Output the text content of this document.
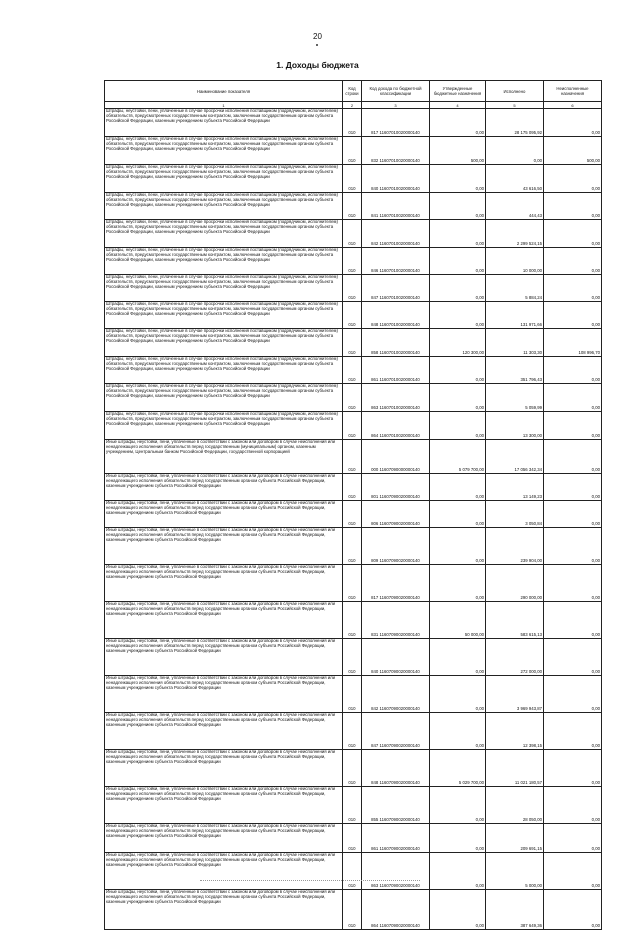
20
1. Доходы бюджета
Наименование показателя	Код строки	Код дохода по бюджетной классификации	Утвержденные бюджетные назначения	Исполнено	Неисполненные назначения
1	2	3	4	5	6
Штрафы, неустойки, пени, уплаченные в случае просрочки исполнения поставщиком (подрядчиком, исполнителем) обязательств, предусмотренных государственным контрактом, заключенным государственным органом субъекта Российской Федерации, казенным учреждением субъекта Российской Федерации	010	817 11607010020000140	0,00	28 175 095,92	0,00
Штрафы, неустойки, пени, уплаченные в случае просрочки исполнения поставщиком (подрядчиком, исполнителем) обязательств, предусмотренных государственным контрактом, заключенным государственным органом субъекта Российской Федерации, казенным учреждением субъекта Российской Федерации	010	832 11607010020000140	500,00	0,00	500,00
Штрафы, неустойки, пени, уплаченные в случае просрочки исполнения поставщиком (подрядчиком, исполнителем) обязательств, предусмотренных государственным контрактом, заключенным государственным органом субъекта Российской Федерации, казенным учреждением субъекта Российской Федерации	010	840 11607010020000140	0,00	43 616,50	0,00
Штрафы, неустойки, пени, уплаченные в случае просрочки исполнения поставщиком (подрядчиком, исполнителем) обязательств, предусмотренных государственным контрактом, заключенным государственным органом субъекта Российской Федерации, казенным учреждением субъекта Российской Федерации	010	841 11607010020000140	0,00	444,43	0,00
Штрафы, неустойки, пени, уплаченные в случае просрочки исполнения поставщиком (подрядчиком, исполнителем) обязательств, предусмотренных государственным контрактом, заключенным государственным органом субъекта Российской Федерации, казенным учреждением субъекта Российской Федерации	010	842 11607010020000140	0,00	2 299 524,15	0,00
Штрафы, неустойки, пени, уплаченные в случае просрочки исполнения поставщиком (подрядчиком, исполнителем) обязательств, предусмотренных государственным контрактом, заключенным государственным органом субъекта Российской Федерации, казенным учреждением субъекта Российской Федерации	010	846 11607010020000140	0,00	10 000,00	0,00
Штрафы, неустойки, пени, уплаченные в случае просрочки исполнения поставщиком (подрядчиком, исполнителем) обязательств, предусмотренных государственным контрактом, заключенным государственным органом субъекта Российской Федерации, казенным учреждением субъекта Российской Федерации	010	847 11607010020000140	0,00	5 884,24	0,00
Штрафы, неустойки, пени, уплаченные в случае просрочки исполнения поставщиком (подрядчиком, исполнителем) обязательств, предусмотренных государственным контрактом, заключенным государственным органом субъекта Российской Федерации, казенным учреждением субъекта Российской Федерации	010	848 11607010020000140	0,00	131 971,66	0,00
Штрафы, неустойки, пени, уплаченные в случае просрочки исполнения поставщиком (подрядчиком, исполнителем) обязательств, предусмотренных государственным контрактом, заключенным государственным органом субъекта Российской Федерации, казенным учреждением субъекта Российской Федерации	010	858 11607010020000140	120 300,00	11 303,30	108 996,70
Штрафы, неустойки, пени, уплаченные в случае просрочки исполнения поставщиком (подрядчиком, исполнителем) обязательств, предусмотренных государственным контрактом, заключенным государственным органом субъекта Российской Федерации, казенным учреждением субъекта Российской Федерации	010	861 11607010020000140	0,00	351 796,43	0,00
Штрафы, неустойки, пени, уплаченные в случае просрочки исполнения поставщиком (подрядчиком, исполнителем) обязательств, предусмотренных государственным контрактом, заключенным государственным органом субъекта Российской Федерации, казенным учреждением субъекта Российской Федерации	010	863 11607010020000140	0,00	5 059,99	0,00
Штрафы, неустойки, пени, уплаченные в случае просрочки исполнения поставщиком (подрядчиком, исполнителем) обязательств, предусмотренных государственным контрактом, заключенным государственным органом субъекта Российской Федерации, казенным учреждением субъекта Российской Федерации	010	864 11607010020000140	0,00	13 300,00	0,00
Иные штрафы, неустойки, пени, уплаченные в соответствии с законом или договором в случае неисполнения или ненадлежащего исполнения обязательств перед государственным (муниципальным) органом, казенным учреждением, Центральным банком Российской Федерации, государственной корпорацией	010	000 11607090000000140	5 079 700,00	17 056 342,34	0,00
Иные штрафы, неустойки, пени, уплаченные в соответствии с законом или договором в случае неисполнения или ненадлежащего исполнения обязательств перед государственным органом субъекта Российской Федерации, казенным учреждением субъекта Российской Федерации	010	801 11607090020000140	0,00	13 149,23	0,00
Иные штрафы, неустойки, пени, уплаченные в соответствии с законом или договором в случае неисполнения или ненадлежащего исполнения обязательств перед государственным органом субъекта Российской Федерации, казенным учреждением субъекта Российской Федерации	010	806 11607090020000140	0,00	3 050,84	0,00
Иные штрафы, неустойки, пени, уплаченные в соответствии с законом или договором в случае неисполнения или ненадлежащего исполнения обязательств перед государственным органом субъекта Российской Федерации, казенным учреждением субъекта Российской Федерации	010	809 11607090020000140	0,00	239 904,00	0,00
Иные штрафы, неустойки, пени, уплаченные в соответствии с законом или договором в случае неисполнения или ненадлежащего исполнения обязательств перед государственным органом субъекта Российской Федерации, казенным учреждением субъекта Российской Федерации	010	817 11607090020000140	0,00	290 000,00	0,00
Иные штрафы, неустойки, пени, уплаченные в соответствии с законом или договором в случае неисполнения или ненадлежащего исполнения обязательств перед государственным органом субъекта Российской Федерации, казенным учреждением субъекта Российской Федерации	010	831 11607090020000140	50 000,00	583 615,13	0,00
Иные штрафы, неустойки, пени, уплаченные в соответствии с законом или договором в случае неисполнения или ненадлежащего исполнения обязательств перед государственным органом субъекта Российской Федерации, казенным учреждением субъекта Российской Федерации	010	840 11607090020000140	0,00	272 000,00	0,00
Иные штрафы, неустойки, пени, уплаченные в соответствии с законом или договором в случае неисполнения или ненадлежащего исполнения обязательств перед государственным органом субъекта Российской Федерации, казенным учреждением субъекта Российской Федерации	010	842 11607090020000140	0,00	3 969 943,87	0,00
Иные штрафы, неустойки, пени, уплаченные в соответствии с законом или договором в случае неисполнения или ненадлежащего исполнения обязательств перед государственным органом субъекта Российской Федерации, казенным учреждением субъекта Российской Федерации	010	847 11607090020000140	0,00	12 398,15	0,00
Иные штрафы, неустойки, пени, уплаченные в соответствии с законом или договором в случае неисполнения или ненадлежащего исполнения обязательств перед государственным органом субъекта Российской Федерации, казенным учреждением субъекта Российской Федерации	010	848 11607090020000140	5 029 700,00	11 021 180,57	0,00
Иные штрафы, неустойки, пени, уплаченные в соответствии с законом или договором в случае неисполнения или ненадлежащего исполнения обязательств перед государственным органом субъекта Российской Федерации, казенным учреждением субъекта Российской Федерации	010	855 11607090020000140	0,00	28 050,00	0,00
Иные штрафы, неустойки, пени, уплаченные в соответствии с законом или договором в случае неисполнения или ненадлежащего исполнения обязательств перед государственным органом субъекта Российской Федерации, казенным учреждением субъекта Российской Федерации	010	861 11607090020000140	0,00	209 691,15	0,00
Иные штрафы, неустойки, пени, уплаченные в соответствии с законом или договором в случае неисполнения или ненадлежащего исполнения обязательств перед государственным органом субъекта Российской Федерации, казенным учреждением субъекта Российской Федерации	010	863 11607090020000140	0,00	5 000,00	0,00
Иные штрафы, неустойки, пени, уплаченные в соответствии с законом или договором в случае неисполнения или ненадлежащего исполнения обязательств перед государственным органом субъекта Российской Федерации, казенным учреждением субъекта Российской Федерации	010	864 11607090020000140	0,00	387 649,36	0,00
